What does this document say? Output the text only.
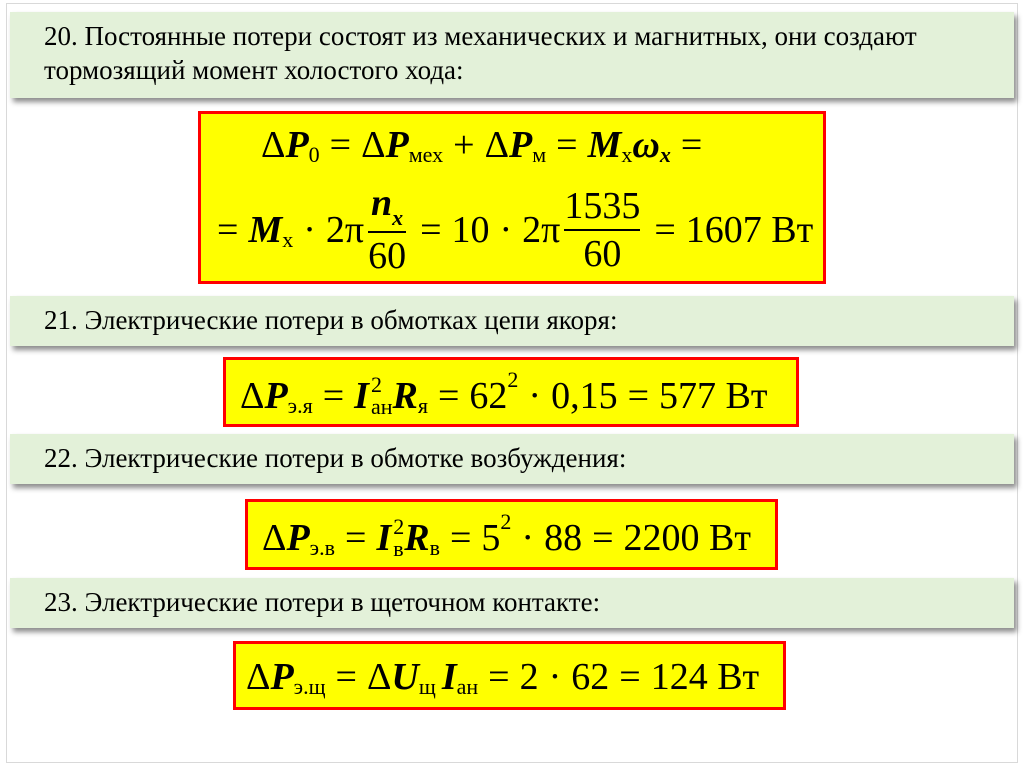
20. Постоянные потери состоят из механических и магнитных, они создают тормозящий момент холостого хода:
Δ P 0 = Δ P мех + Δ P м = M х ω x =
= M $х \cdot 2\pi \frac{n_x}{60} = 10 \cdot 2\pi \frac{1535}{60} = 1607$ Вт
21. Электрические потери в обмотках цепи якоря:
Δ P э.я = I 2
ан R я = 62 2 · 0,15 = 577 Вт
22. Электрические потери в обмотке возбуждения:
Δ P э.в = I 2
в R в = 5 2 · 88 = 2200 Вт
23. Электрические потери в щеточном контакте:
Δ P э.щ = Δ U щ I ан = 2 · 62 = 124 Вт
